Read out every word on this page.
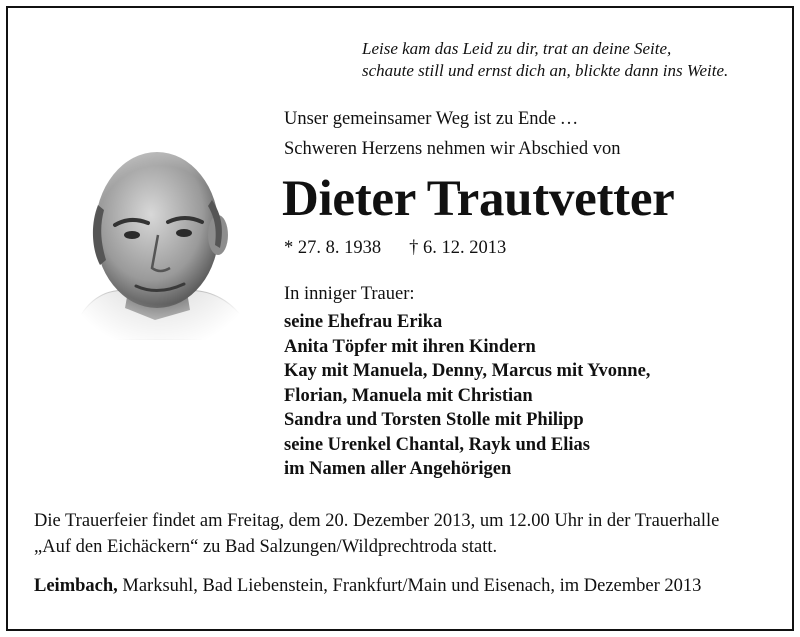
Leise kam das Leid zu dir, trat an deine Seite,
schaute still und ernst dich an, blickte dann ins Weite.
Unser gemeinsamer Weg ist zu Ende …
Schweren Herzens nehmen wir Abschied von
Dieter Trautvetter
* 27. 8. 1938 † 6. 12. 2013
In inniger Trauer:
seine Ehefrau Erika
Anita Töpfer mit ihren Kindern
Kay mit Manuela, Denny, Marcus mit Yvonne,
Florian, Manuela mit Christian
Sandra und Torsten Stolle mit Philipp
seine Urenkel Chantal, Rayk und Elias
im Namen aller Angehörigen
Die Trauerfeier findet am Freitag, dem 20. Dezember 2013, um 12.00 Uhr in der Trauerhalle
„Auf den Eichäckern“ zu Bad Salzungen/Wildprechtroda statt.
Leimbach, Marksuhl, Bad Liebenstein, Frankfurt/Main und Eisenach, im Dezember 2013
